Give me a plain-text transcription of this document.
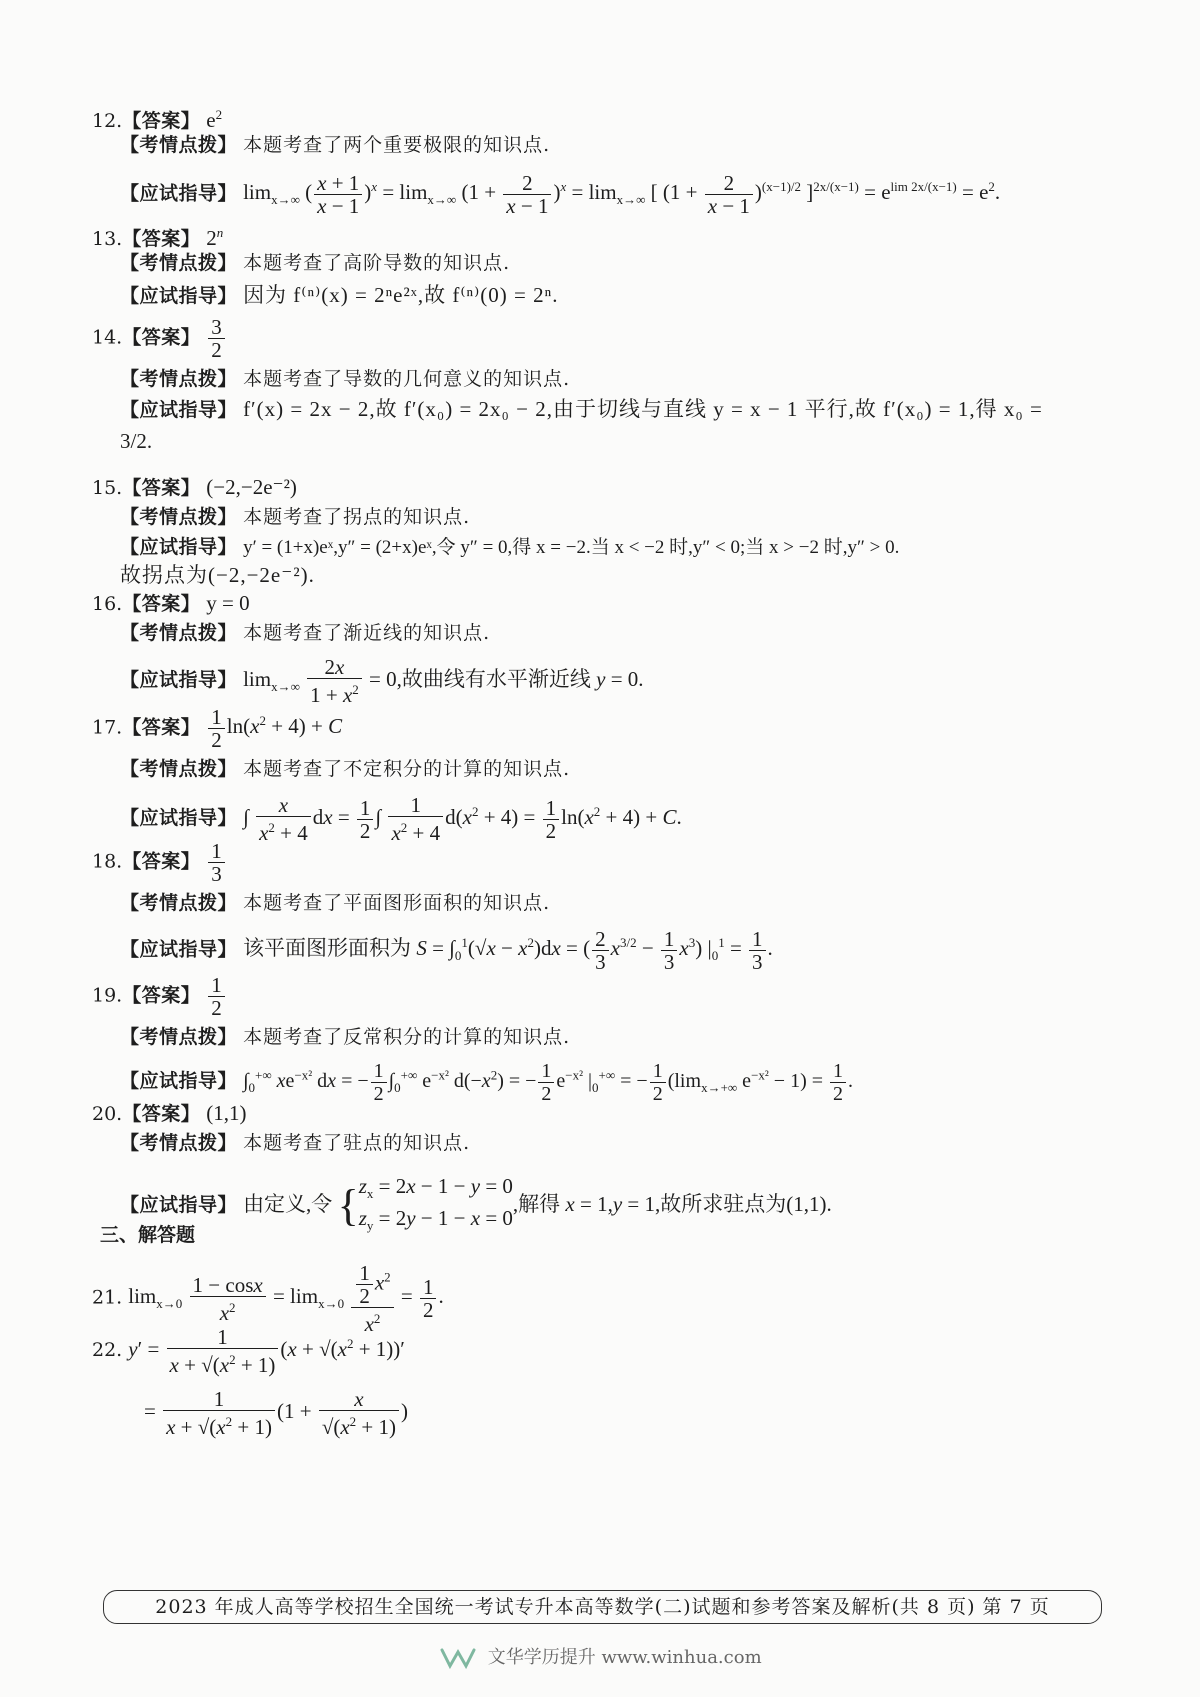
12.【答案】 $e^2$
【考情点拨】 本题考查了两个重要极限的知识点.
【应试指导】 $\lim_{x\to\infty}$ ( $\frac{x + 1}{x - 1} )^x = \lim_{x\to\infty} (1 + \frac{2}{x - 1} )^x = \lim_{x\to\infty}$ [ $(1 + \frac{2}{x - 1} )^{(x-1)/2}$ ]$^{2x/(x-1)} = e^{lim 2x/(x-1)} = e^2$.
13.【答案】 2$^n$
【考情点拨】 本题考查了高阶导数的知识点.
【应试指导】 因为 f⁽ⁿ⁾(x) = 2ⁿe²ˣ,故 f⁽ⁿ⁾(0) = 2ⁿ.
14.【答案】 $\frac{3}{2}$
【考情点拨】 本题考查了导数的几何意义的知识点.
【应试指导】 f′(x) = 2x − 2,故 f′(x₀) = 2x₀ − 2,由于切线与直线 y = x − 1 平行,故 f′(x₀) = 1,得 x₀ =
3/2.
15.【答案】 (−2,−2e⁻²)
【考情点拨】 本题考查了拐点的知识点.
【应试指导】 y′ = (1+x)eˣ,y″ = (2+x)eˣ,令 y″ = 0,得 x = −2.当 x < −2 时,y″ < 0;当 x > −2 时,y″ > 0.
故拐点为(−2,−2e⁻²).
16.【答案】 y = 0
【考情点拨】 本题考查了渐近线的知识点.
【应试指导】 $\lim_{x\to\infty} \frac{2x}{1 + x^2} = 0$,故曲线有水平渐近线 y = 0.
17.【答案】 $\frac{1}{2} \ln(x^2 + 4) + C$
【考情点拨】 本题考查了不定积分的计算的知识点.
【应试指导】 ∫ $\frac{x}{x^2 + 4}$ dx = $\frac{1}{2}$ ∫ $\frac{1}{x^2 + 4} d(x^2 + 4) = \frac{1}{2} \ln(x^2 + 4) + C$.
18.【答案】 $\frac{1}{3}$
【考情点拨】 本题考查了平面图形面积的知识点.
【应试指导】 该平面图形面积为 $S = \int_0^1(√x - x^2)dx$ = ( $\frac{2}{3} x^{3/2} - \frac{1}{3} x^3$) $|_0^1 = \frac{1}{3}$ .
19.【答案】 $\frac{1}{2}$
【考情点拨】 本题考查了反常积分的计算的知识点.
【应试指导】 $\int_0^{+\infty}$ $xe^{-x^2}$ dx = − $\frac{1}{2} \int_0^{+\infty}$ $e^{-x^2}$ $d(-x^2)$ = − $\frac{1}{2} e^{-x^2}$ $|_0^{+\infty}$ = − $\frac{1}{2} (\lim_{x\to+\infty}$ $e^{-x^2} - 1) = \frac{1}{2}$ .
20.【答案】 (1,1)
【考情点拨】 本题考查了驻点的知识点.
【应试指导】 由定义,令 {$z_x = 2x - 1 - y = 0$
$z_y = 2y - 1 - x = 0$,解得 x = 1,y = 1,故所求驻点为(1,1).
三、解答题
21. $\lim_{x\to 0} \frac{1 - \cos x}{x^2} = \lim_{x\to 0} \frac{\frac{1}{2} x^2}{x^2} = \frac{1}{2}$ .
22. $y' = \frac{1}{x + √(x^2 + 1)} (x + √(x^2 + 1))'$
= $\frac{1}{x + √(x^2 + 1)} (1 + \frac{x}{√(x^2 + 1)}$ )
2023 年成人高等学校招生全国统一考试专升本高等数学(二)试题和参考答案及解析(共 8 页) 第 7 页
文华学历提升 www.winhua.com
